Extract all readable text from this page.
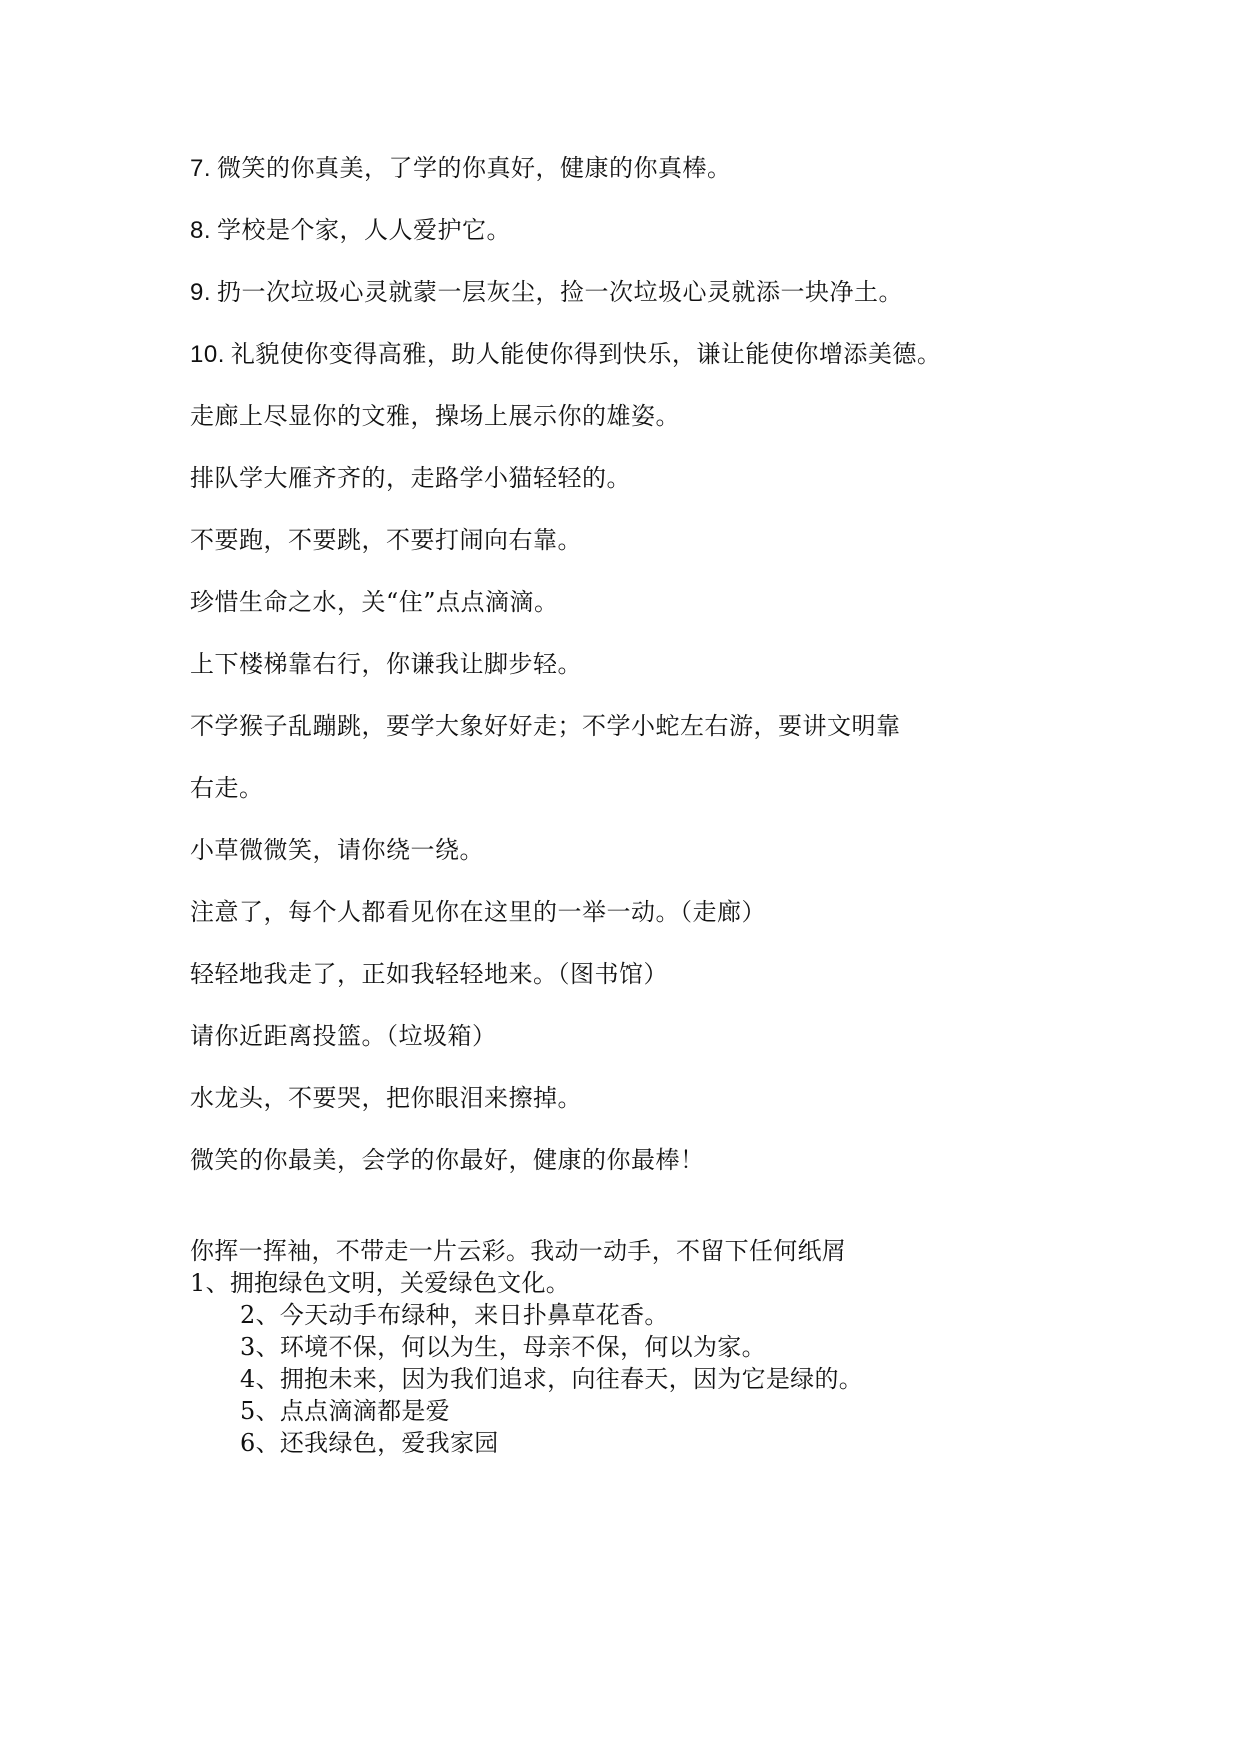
7. 微笑的你真美，了学的你真好，健康的你真棒。
8. 学校是个家，人人爱护它。
9. 扔一次垃圾心灵就蒙一层灰尘，捡一次垃圾心灵就添一块净土。
10. 礼貌使你变得高雅，助人能使你得到快乐，谦让能使你增添美德。
走廊上尽显你的文雅，操场上展示你的雄姿。
排队学大雁齐齐的，走路学小猫轻轻的。
不要跑，不要跳，不要打闹向右靠。
珍惜生命之水，关“住”点点滴滴。
上下楼梯靠右行，你谦我让脚步轻。
不学猴子乱蹦跳，要学大象好好走；不学小蛇左右游，要讲文明靠
右走。
小草微微笑，请你绕一绕。
注意了，每个人都看见你在这里的一举一动。（走廊）
轻轻地我走了，正如我轻轻地来。（图书馆）
请你近距离投篮。（垃圾箱）
水龙头，不要哭，把你眼泪来擦掉。
微笑的你最美，会学的你最好，健康的你最棒！
你挥一挥袖，不带走一片云彩。我动一动手，不留下任何纸屑
1、拥抱绿色文明，关爱绿色文化。
2、今天动手布绿种，来日扑鼻草花香。
3、环境不保，何以为生，母亲不保，何以为家。
4、拥抱未来，因为我们追求，向往春天，因为它是绿的。
5、点点滴滴都是爱
6、还我绿色，爱我家园
